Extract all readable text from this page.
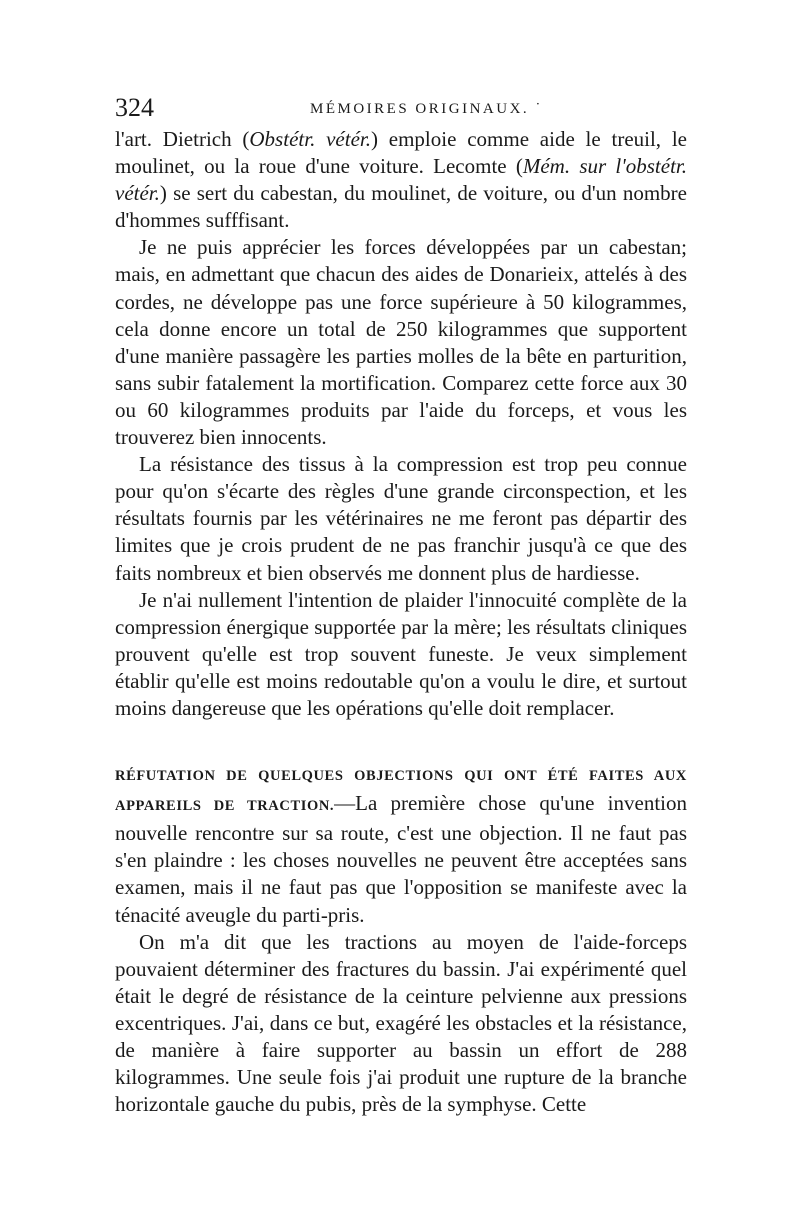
324	MÉMOIRES ORIGINAUX. ˙

l'art. Dietrich (Obstétr. vétér.) emploie comme aide le treuil, le moulinet, ou la roue d'une voiture. Lecomte (Mém. sur l'obstétr. vétér.) se sert du cabestan, du moulinet, de voiture, ou d'un nombre d'hommes sufffisant.

Je ne puis apprécier les forces développées par un cabestan; mais, en admettant que chacun des aides de Donarieix, attelés à des cordes, ne développe pas une force supérieure à 50 kilogrammes, cela donne encore un total de 250 kilogrammes que supportent d'une manière passagère les parties molles de la bête en parturition, sans subir fatalement la mortification. Comparez cette force aux 30 ou 60 kilogrammes produits par l'aide du forceps, et vous les trouverez bien innocents.

La résistance des tissus à la compression est trop peu connue pour qu'on s'écarte des règles d'une grande circonspection, et les résultats fournis par les vétérinaires ne me feront pas départir des limites que je crois prudent de ne pas franchir jusqu'à ce que des faits nombreux et bien observés me donnent plus de hardiesse.

Je n'ai nullement l'intention de plaider l'innocuité complète de la compression énergique supportée par la mère; les résultats cliniques prouvent qu'elle est trop souvent funeste. Je veux simplement établir qu'elle est moins redoutable qu'on a voulu le dire, et surtout moins dangereuse que les opérations qu'elle doit remplacer.

RÉFUTATION DE QUELQUES OBJECTIONS QUI ONT ÉTÉ FAITES AUX APPAREILS DE TRACTION.—La première chose qu'une invention nouvelle rencontre sur sa route, c'est une objection. Il ne faut pas s'en plaindre : les choses nouvelles ne peuvent être acceptées sans examen, mais il ne faut pas que l'opposition se manifeste avec la ténacité aveugle du parti-pris.

On m'a dit que les tractions au moyen de l'aide-forceps pouvaient déterminer des fractures du bassin. J'ai expérimenté quel était le degré de résistance de la ceinture pelvienne aux pressions excentriques. J'ai, dans ce but, exagéré les obstacles et la résistance, de manière à faire supporter au bassin un effort de 288 kilogrammes. Une seule fois j'ai produit une rupture de la branche horizontale gauche du pubis, près de la symphyse. Cette
